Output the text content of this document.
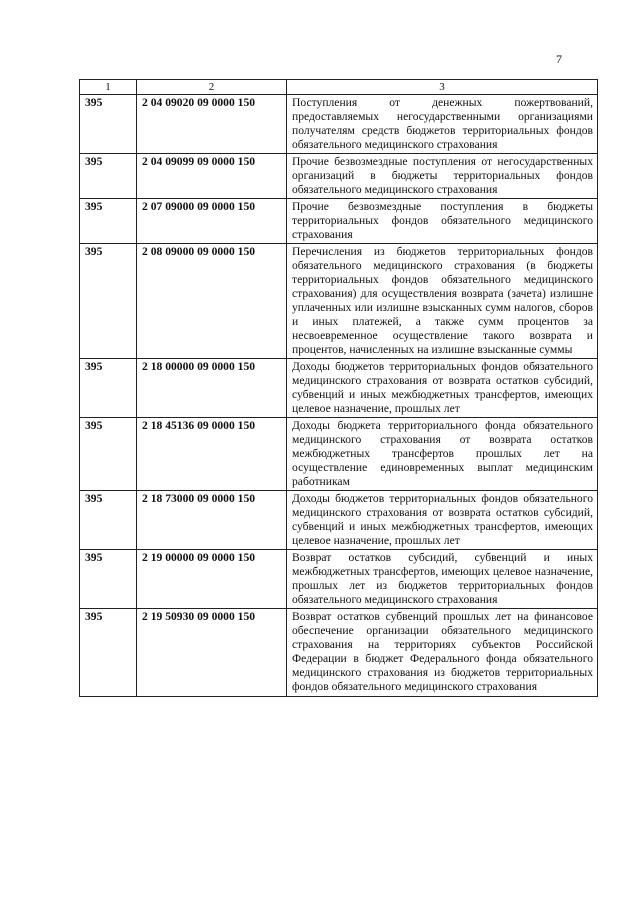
7
1	2	3
395	2 04 09020 09 0000 150	Поступления от денежных пожертвований, предоставляемых негосударственными организациями получателям средств бюджетов территориальных фондов обязательного медицинского страхования
395	2 04 09099 09 0000 150	Прочие безвозмездные поступления от негосударственных организаций в бюджеты территориальных фондов обязательного медицинского страхования
395	2 07 09000 09 0000 150	Прочие безвозмездные поступления в бюджеты территориальных фондов обязательного медицинского страхования
395	2 08 09000 09 0000 150	Перечисления из бюджетов территориальных фондов обязательного медицинского страхования (в бюджеты территориальных фондов обязательного медицинского страхования) для осуществления возврата (зачета) излишне уплаченных или излишне взысканных сумм налогов, сборов и иных платежей, а также сумм процентов за несвоевременное осуществление такого возврата и процентов, начисленных на излишне взысканные суммы
395	2 18 00000 09 0000 150	Доходы бюджетов территориальных фондов обязательного медицинского страхования от возврата остатков субсидий, субвенций и иных межбюджетных трансфертов, имеющих целевое назначение, прошлых лет
395	2 18 45136 09 0000 150	Доходы бюджета территориального фонда обязательного медицинского страхования от возврата остатков межбюджетных трансфертов прошлых лет на осуществление единовременных выплат медицинским работникам
395	2 18 73000 09 0000 150	Доходы бюджетов территориальных фондов обязательного медицинского страхования от возврата остатков субсидий, субвенций и иных межбюджетных трансфертов, имеющих целевое назначение, прошлых лет
395	2 19 00000 09 0000 150	Возврат остатков субсидий, субвенций и иных межбюджетных трансфертов, имеющих целевое назначение, прошлых лет из бюджетов территориальных фондов обязательного медицинского страхования
395	2 19 50930 09 0000 150	Возврат остатков субвенций прошлых лет на финансовое обеспечение организации обязательного медицинского страхования на территориях субъектов Российской Федерации в бюджет Федерального фонда обязательного медицинского страхования из бюджетов территориальных фондов обязательного медицинского страхования
